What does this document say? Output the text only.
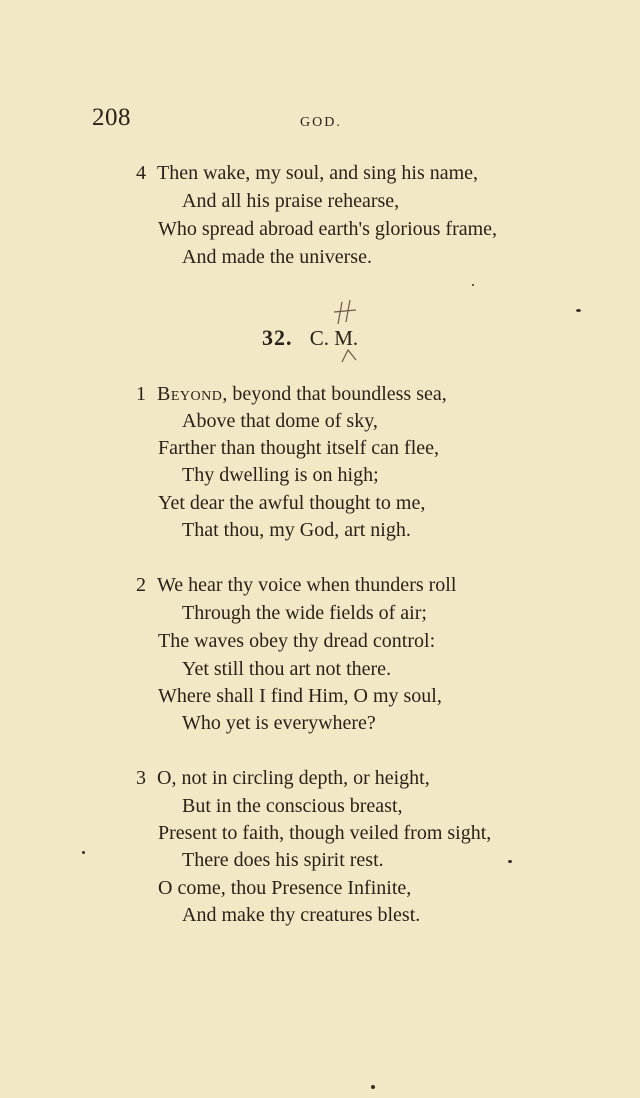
208	GOD.
4 Then wake, my soul, and sing his name,
And all his praise rehearse,
Who spread abroad earth's glorious frame,
And made the universe.
32. C. M.
1 Beyond, beyond that boundless sea,
Above that dome of sky,
Farther than thought itself can flee,
Thy dwelling is on high;
Yet dear the awful thought to me,
That thou, my God, art nigh.
2 We hear thy voice when thunders roll
Through the wide fields of air;
The waves obey thy dread control:
Yet still thou art not there.
Where shall I find Him, O my soul,
Who yet is everywhere?
3 O, not in circling depth, or height,
But in the conscious breast,
Present to faith, though veiled from sight,
There does his spirit rest.
O come, thou Presence Infinite,
And make thy creatures blest.
